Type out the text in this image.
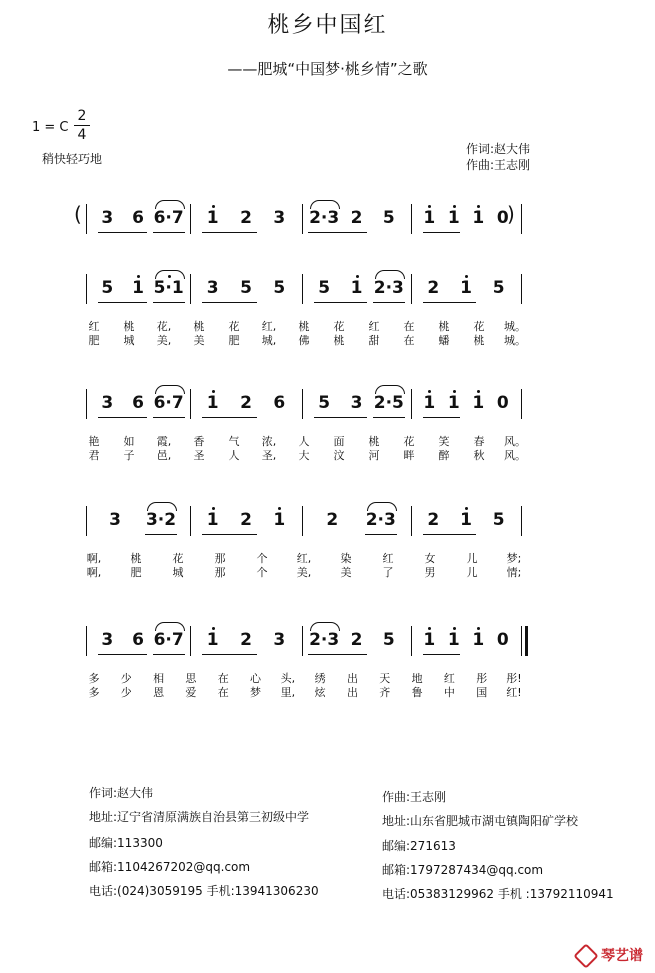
桃乡中国红
——肥城“中国梦·桃乡情”之歌
1 = C
2
4
稍快轻巧地
作词:赵大伟
作曲:王志刚
(	)
3	6 6·7	1	2	3	2·3 2	5	1 1 1 0
5	1 5·1	3	5	5	5	1 2·3	2	1	5
红	桃	花,	桃	花	红,	桃	花	红	在	桃	花	城。
肥	城	美,	美	肥	城,	佛	桃	甜	在	蟠	桃	城。
3	6 6·7	1	2	6	5	3 2·5	1 1 1 0
艳	如	霞,	香	气	浓,	人	面	桃	花	笑	春	风。
君	子	邑,	圣	人	圣,	大	汶	河	畔	醉	秋	风。
3	3·2	1	2	1	2	2·3	2	1	5
啊,	桃	花	那	个	红,	染	红	女	儿	梦;
啊,	肥	城	那	个	美,	美	了	男	儿	情;
3	6 6·7	1	2	3	2·3 2	5	1 1 1 0
多	少	相	思	在	心	头,	绣	出	天	地	红	彤	彤!
多	少	恩	爱	在	梦	里,	炫	出	齐	鲁	中	国	红!
作词:赵大伟
地址:辽宁省清原满族自治县第三初级中学
邮编:113300
邮箱:1104267202@qq.com
电话:(024)3059195 手机:13941306230
作曲:王志刚
地址:山东省肥城市湖屯镇陶阳矿学校
邮编:271613
邮箱:1797287434@qq.com
电话:05383129962 手机 :13792110941
琴艺谱
